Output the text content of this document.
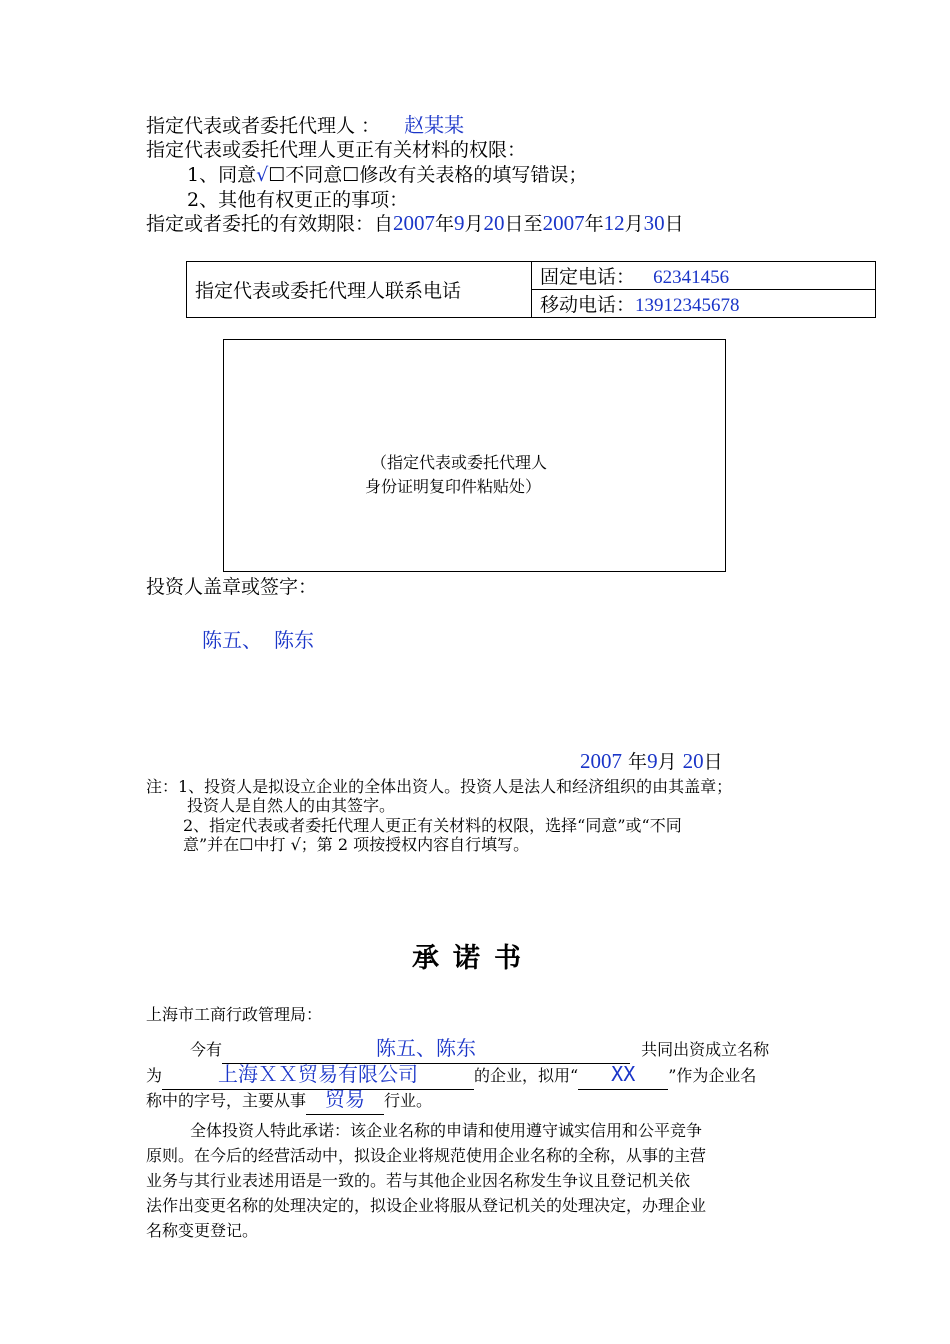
指定代表或者委托代理人 ： 赵某某
指定代表或委托代理人更正有关材料的权限：
1、同意√☐不同意☐修改有关表格的填写错误；
2、其他有权更正的事项：
指定或者委托的有效期限：自2007年9月20日至2007年12月30日
指定代表或委托代理人联系电话	固定电话： 62341456
移动电话：13912345678
（指定代表或委托代理人
身份证明复印件粘贴处）
投资人盖章或签字：
陈五、 陈东
2007 年9月 20日
注：1、投资人是拟设立企业的全体出资人。投资人是法人和经济组织的由其盖章；
投资人是自然人的由其签字。
2、指定代表或者委托代理人更正有关材料的权限，选择“同意”或“不同
意”并在☐中打 √；第 2 项按授权内容自行填写。
承诺书
上海市工商行政管理局：
今有	陈五、陈东	共同出资成立名称
为	上海ＸＸ贸易有限公司	的企业，拟用“ XX ”作为企业名
称中的字号，主要从事 贸易 行业。
全体投资人特此承诺：该企业名称的申请和使用遵守诚实信用和公平竞争
原则。在今后的经营活动中，拟设企业将规范使用企业名称的全称，从事的主营
业务与其行业表述用语是一致的。若与其他企业因名称发生争议且登记机关依
法作出变更名称的处理决定的，拟设企业将服从登记机关的处理决定，办理企业
名称变更登记。
